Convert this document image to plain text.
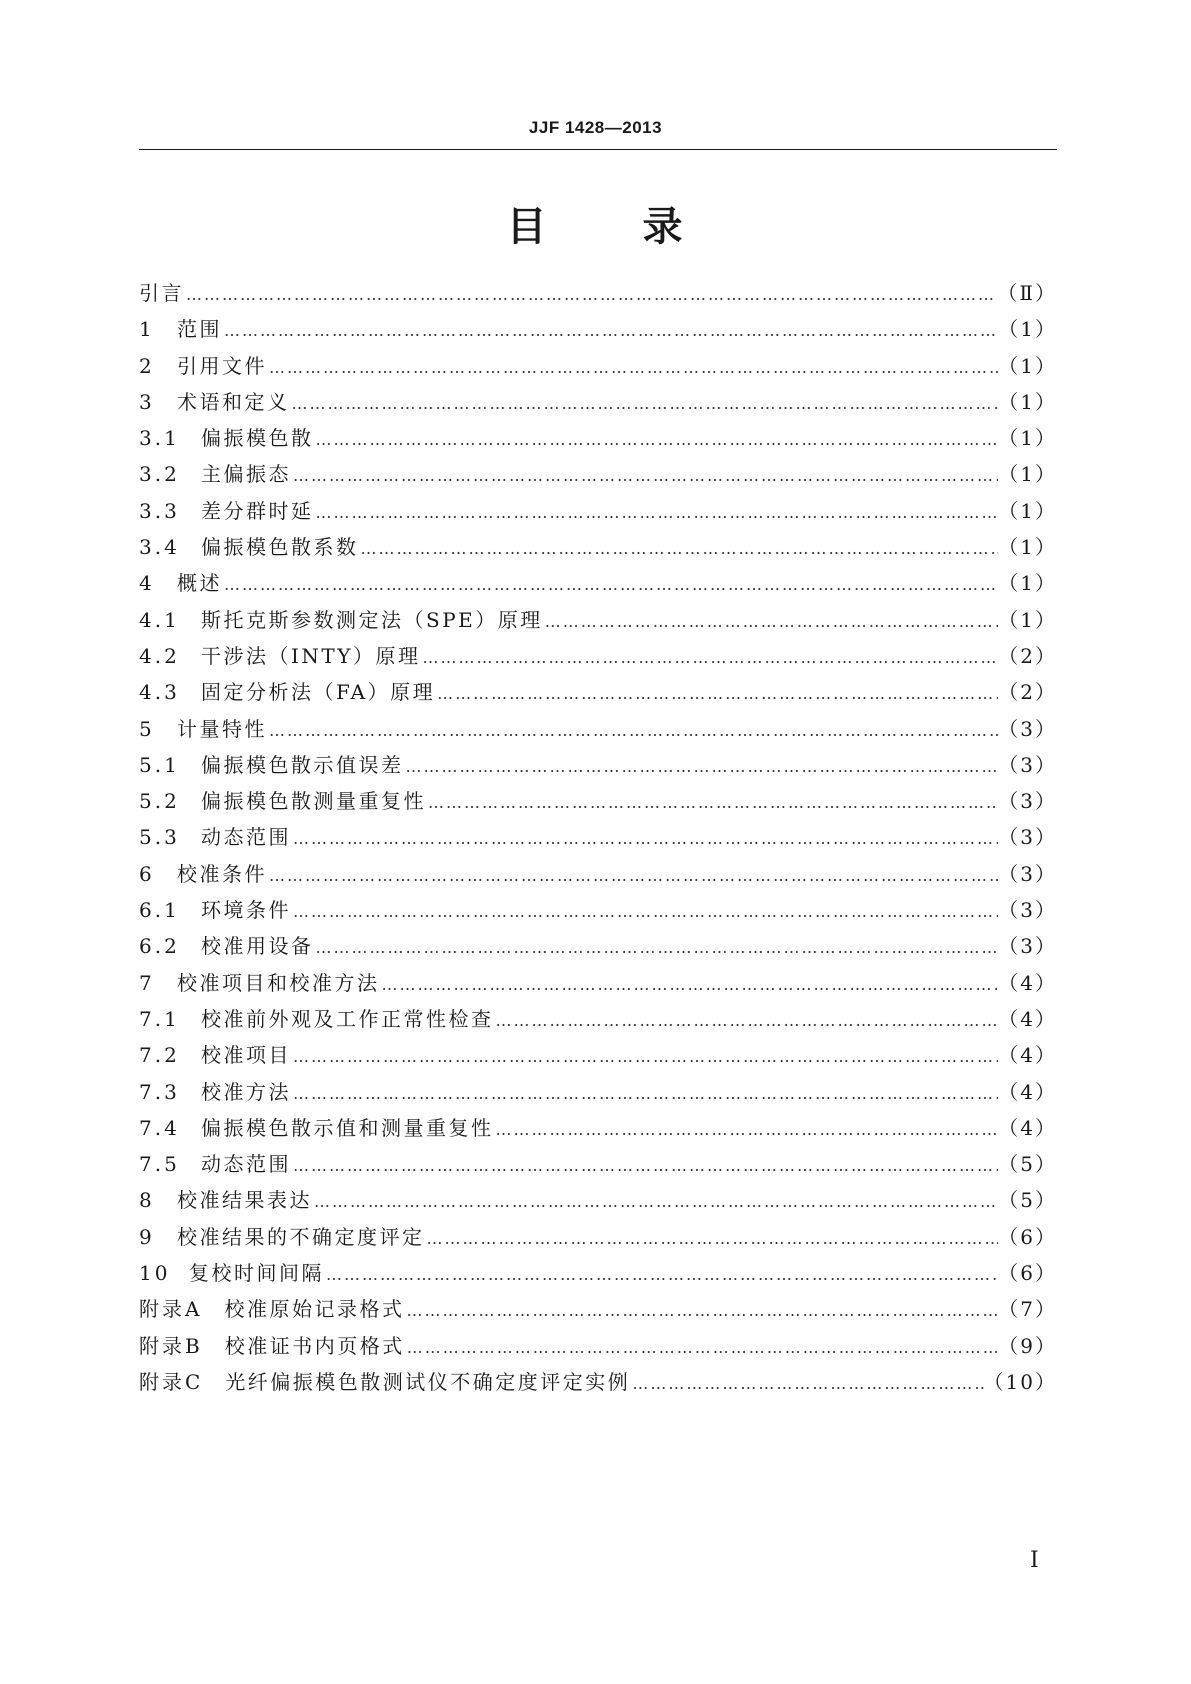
JJF 1428—2013
目 录
引言 ……………………………………………………………………………………………………………………………………………………………………	（Ⅱ）
1	范围 ……………………………………………………………………………………………………………………………………………………………………	（1）
2	引用文件 ……………………………………………………………………………………………………………………………………………………………………	（1）
3	术语和定义 ……………………………………………………………………………………………………………………………………………………………………	（1）
3.1	偏振模色散 ……………………………………………………………………………………………………………………………………………………………………	（1）
3.2	主偏振态 ……………………………………………………………………………………………………………………………………………………………………	（1）
3.3	差分群时延 ……………………………………………………………………………………………………………………………………………………………………	（1）
3.4	偏振模色散系数 ……………………………………………………………………………………………………………………………………………………………………	（1）
4	概述 ……………………………………………………………………………………………………………………………………………………………………	（1）
4.1	斯托克斯参数测定法（SPE）原理 ……………………………………………………………………………………………………………………………………………………………………	（1）
4.2	干涉法（INTY）原理 ……………………………………………………………………………………………………………………………………………………………………	（2）
4.3	固定分析法（FA）原理 ……………………………………………………………………………………………………………………………………………………………………	（2）
5	计量特性 ……………………………………………………………………………………………………………………………………………………………………	（3）
5.1	偏振模色散示值误差 ……………………………………………………………………………………………………………………………………………………………………	（3）
5.2	偏振模色散测量重复性 ……………………………………………………………………………………………………………………………………………………………………	（3）
5.3	动态范围 ……………………………………………………………………………………………………………………………………………………………………	（3）
6	校准条件 ……………………………………………………………………………………………………………………………………………………………………	（3）
6.1	环境条件 ……………………………………………………………………………………………………………………………………………………………………	（3）
6.2	校准用设备 ……………………………………………………………………………………………………………………………………………………………………	（3）
7	校准项目和校准方法 ……………………………………………………………………………………………………………………………………………………………………	（4）
7.1	校准前外观及工作正常性检查 ……………………………………………………………………………………………………………………………………………………………………	（4）
7.2	校准项目 ……………………………………………………………………………………………………………………………………………………………………	（4）
7.3	校准方法 ……………………………………………………………………………………………………………………………………………………………………	（4）
7.4	偏振模色散示值和测量重复性 ……………………………………………………………………………………………………………………………………………………………………	（4）
7.5	动态范围 ……………………………………………………………………………………………………………………………………………………………………	（5）
8	校准结果表达 ……………………………………………………………………………………………………………………………………………………………………	（5）
9	校准结果的不确定度评定 ……………………………………………………………………………………………………………………………………………………………………	（6）
10 复校时间间隔 ……………………………………………………………………………………………………………………………………………………………………	（6）
附录A 校准原始记录格式 ……………………………………………………………………………………………………………………………………………………………………	（7）
附录B 校准证书内页格式 ……………………………………………………………………………………………………………………………………………………………………	（9）
附录C 光纤偏振模色散测试仪不确定度评定实例 ……………………………………………………………………………………………………………………………………………………………………	（10）
Ⅰ
